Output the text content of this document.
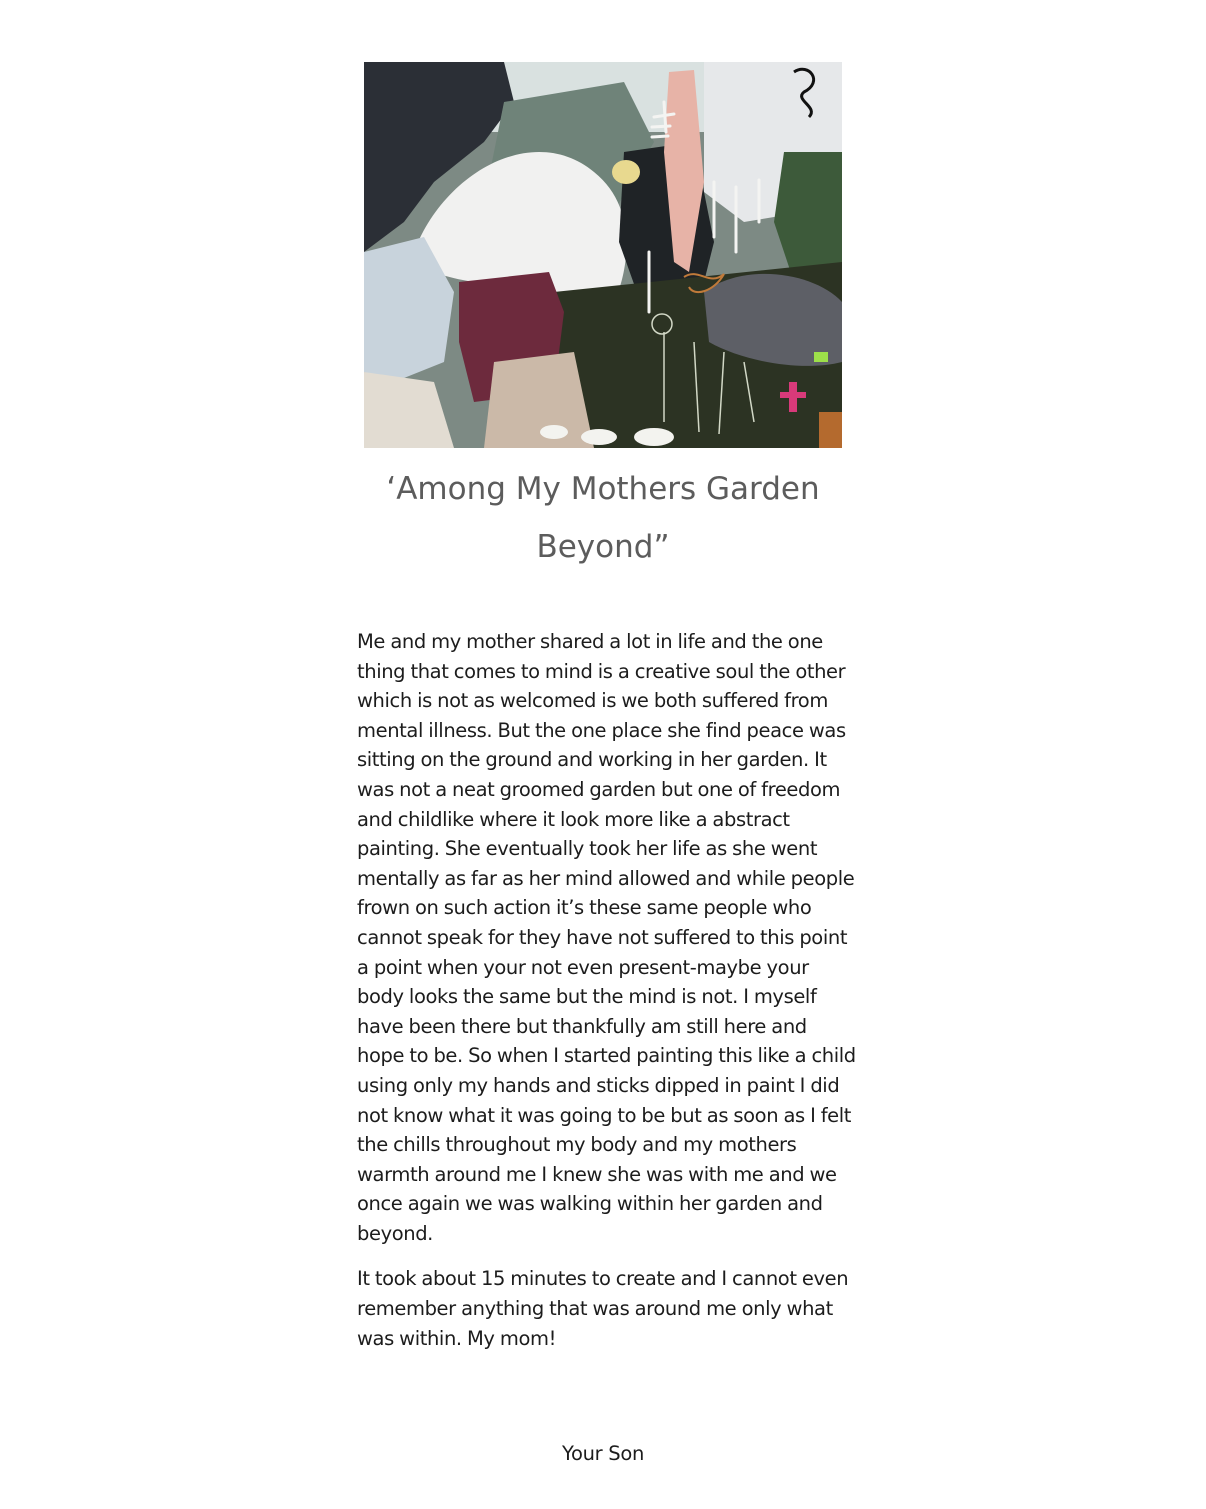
‘Among My Mothers Garden
Beyond”

Me and my mother shared a lot in life and the one thing that comes to mind is a creative soul the other which is not as welcomed is we both suffered from mental illness. But the one place she find peace was sitting on the ground and working in her garden. It was not a neat groomed garden but one of freedom and childlike where it look more like a abstract painting. She eventually took her life as she went mentally as far as her mind allowed and while people frown on such action it’s these same people who cannot speak for they have not suffered to this point a point when your not even present-maybe your body looks the same but the mind is not. I myself have been there but thankfully am still here and hope to be. So when I started painting this like a child using only my hands and sticks dipped in paint I did not know what it was going to be but as soon as I felt the chills throughout my body and my mothers warmth around me I knew she was with me and we once again we was walking within her garden and beyond.

It took about 15 minutes to create and I cannot even remember anything that was around me only what was within. My mom!

Your Son
